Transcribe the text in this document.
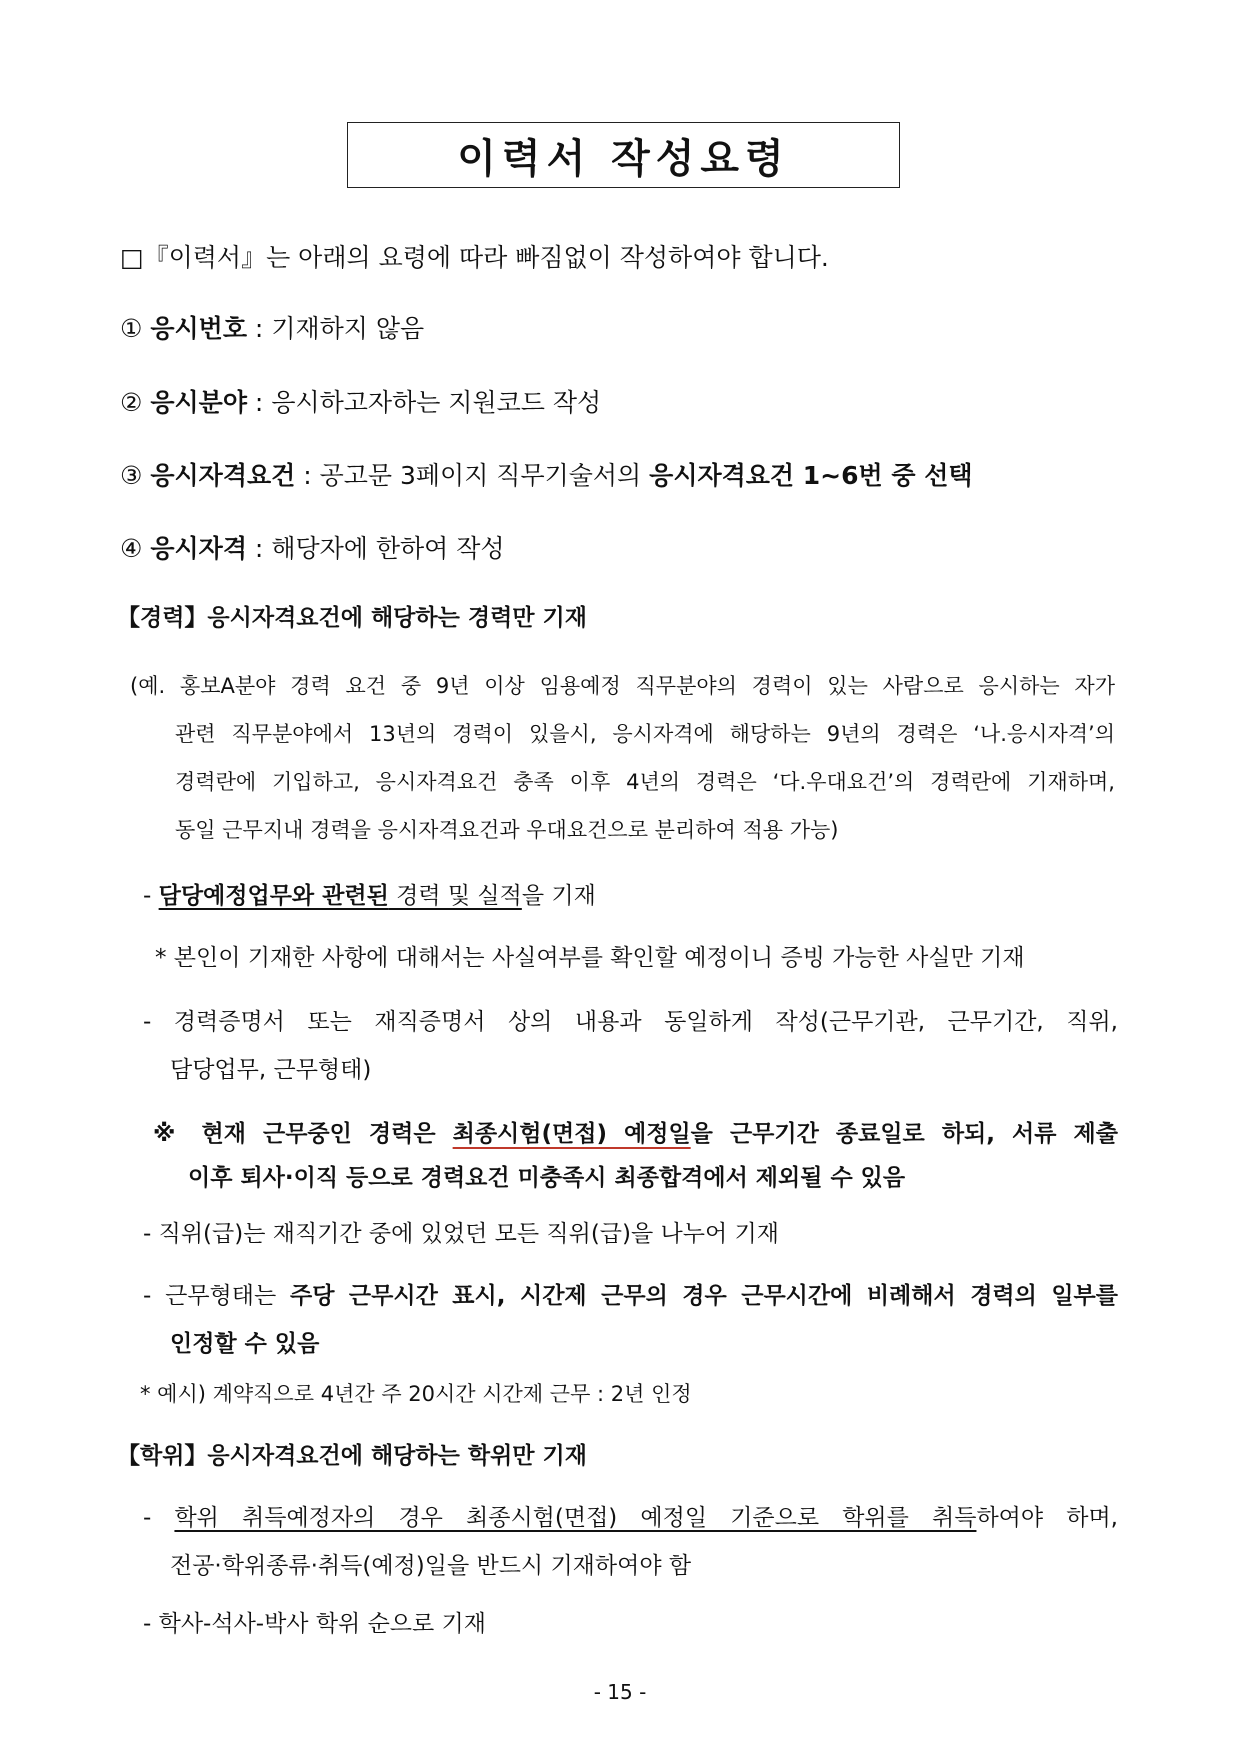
이력서 작성요령
□『이력서』는 아래의 요령에 따라 빠짐없이 작성하여야 합니다.
① 응시번호 : 기재하지 않음
② 응시분야 : 응시하고자하는 지원코드 작성
③ 응시자격요건 : 공고문 3페이지 직무기술서의 응시자격요건 1~6번 중 선택
④ 응시자격 : 해당자에 한하여 작성
【경력】응시자격요건에 해당하는 경력만 기재
(예. 홍보A분야 경력 요건 중 9년 이상 임용예정 직무분야의 경력이 있는 사람으로 응시하는 자가
관련 직무분야에서 13년의 경력이 있을시, 응시자격에 해당하는 9년의 경력은 ‘나.응시자격’의
경력란에 기입하고, 응시자격요건 충족 이후 4년의 경력은 ‘다.우대요건’의 경력란에 기재하며,
동일 근무지내 경력을 응시자격요건과 우대요건으로 분리하여 적용 가능)
- 담당예정업무와 관련된 경력 및 실적을 기재
* 본인이 기재한 사항에 대해서는 사실여부를 확인할 예정이니 증빙 가능한 사실만 기재
- 경력증명서 또는 재직증명서 상의 내용과 동일하게 작성(근무기관, 근무기간, 직위,
담당업무, 근무형태)
※ 현재 근무중인 경력은 최종시험(면접) 예정일을 근무기간 종료일로 하되, 서류 제출
이후 퇴사·이직 등으로 경력요건 미충족시 최종합격에서 제외될 수 있음
- 직위(급)는 재직기간 중에 있었던 모든 직위(급)을 나누어 기재
- 근무형태는 주당 근무시간 표시, 시간제 근무의 경우 근무시간에 비례해서 경력의 일부를
인정할 수 있음
* 예시) 계약직으로 4년간 주 20시간 시간제 근무 : 2년 인정
【학위】응시자격요건에 해당하는 학위만 기재
- 학위 취득예정자의 경우 최종시험(면접) 예정일 기준으로 학위를 취득하여야 하며,
전공·학위종류·취득(예정)일을 반드시 기재하여야 함
- 학사-석사-박사 학위 순으로 기재
- 15 -
